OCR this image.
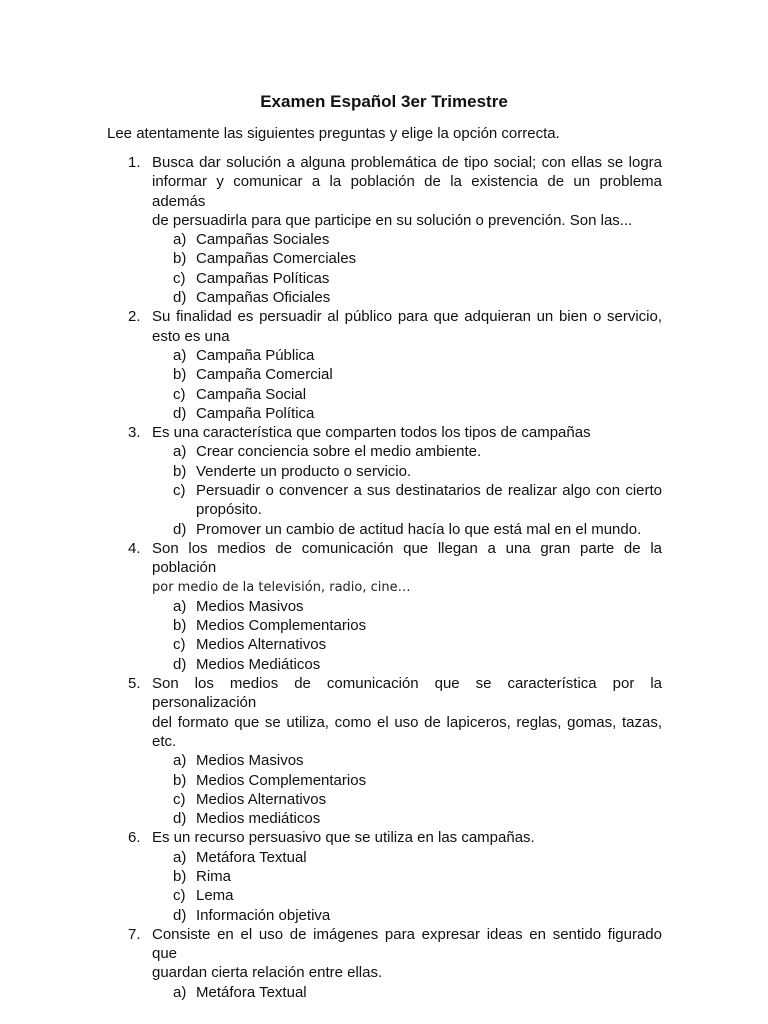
Examen Español 3er Trimestre
Lee atentamente las siguientes preguntas y elige la opción correcta.
1. Busca dar solución a alguna problemática de tipo social; con ellas se logra
informar y comunicar a la población de la existencia de un problema además
de persuadirla para que participe en su solución o prevención. Son las...
a) Campañas Sociales
b) Campañas Comerciales
c) Campañas Políticas
d) Campañas Oficiales
2. Su finalidad es persuadir al público para que adquieran un bien o servicio,
esto es una
a) Campaña Pública
b) Campaña Comercial
c) Campaña Social
d) Campaña Política
3. Es una característica que comparten todos los tipos de campañas
a) Crear conciencia sobre el medio ambiente.
b) Venderte un producto o servicio.
c) Persuadir o convencer a sus destinatarios de realizar algo con cierto
propósito.
d) Promover un cambio de actitud hacía lo que está mal en el mundo.
4. Son los medios de comunicación que llegan a una gran parte de la población
por medio de la televisión, radio, cine…
a) Medios Masivos
b) Medios Complementarios
c) Medios Alternativos
d) Medios Mediáticos
5. Son los medios de comunicación que se característica por la personalización
del formato que se utiliza, como el uso de lapiceros, reglas, gomas, tazas,
etc.
a) Medios Masivos
b) Medios Complementarios
c) Medios Alternativos
d) Medios mediáticos
6. Es un recurso persuasivo que se utiliza en las campañas.
a) Metáfora Textual
b) Rima
c) Lema
d) Información objetiva
7. Consiste en el uso de imágenes para expresar ideas en sentido figurado que
guardan cierta relación entre ellas.
a) Metáfora Textual
